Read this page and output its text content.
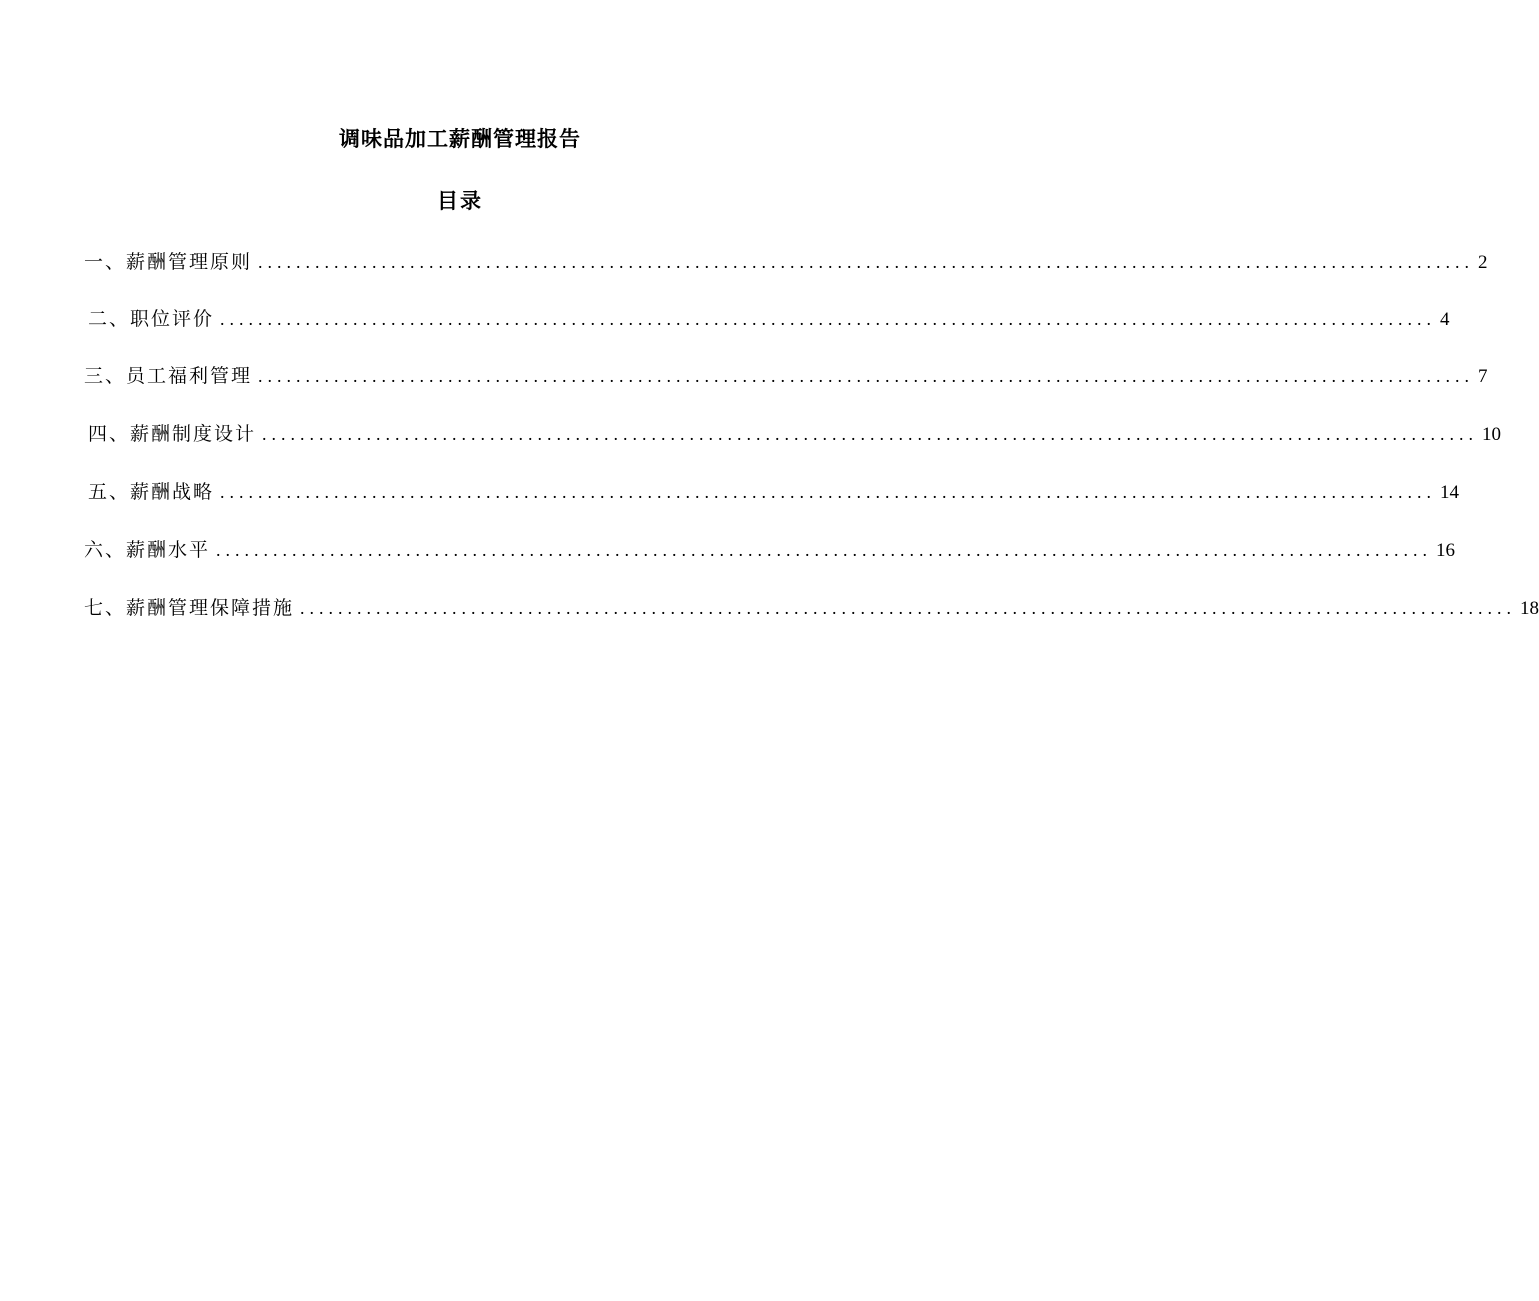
调味品加工薪酬管理报告
目录
一、薪酬管理原则 ................................................................................................................................ 2
二、职位评价 ................................................................................................................................ 4
三、员工福利管理 ................................................................................................................................ 7
四、薪酬制度设计 ................................................................................................................................ 10
五、薪酬战略 ................................................................................................................................ 14
六、薪酬水平 ................................................................................................................................ 16
七、薪酬管理保障措施 ................................................................................................................................ 18
